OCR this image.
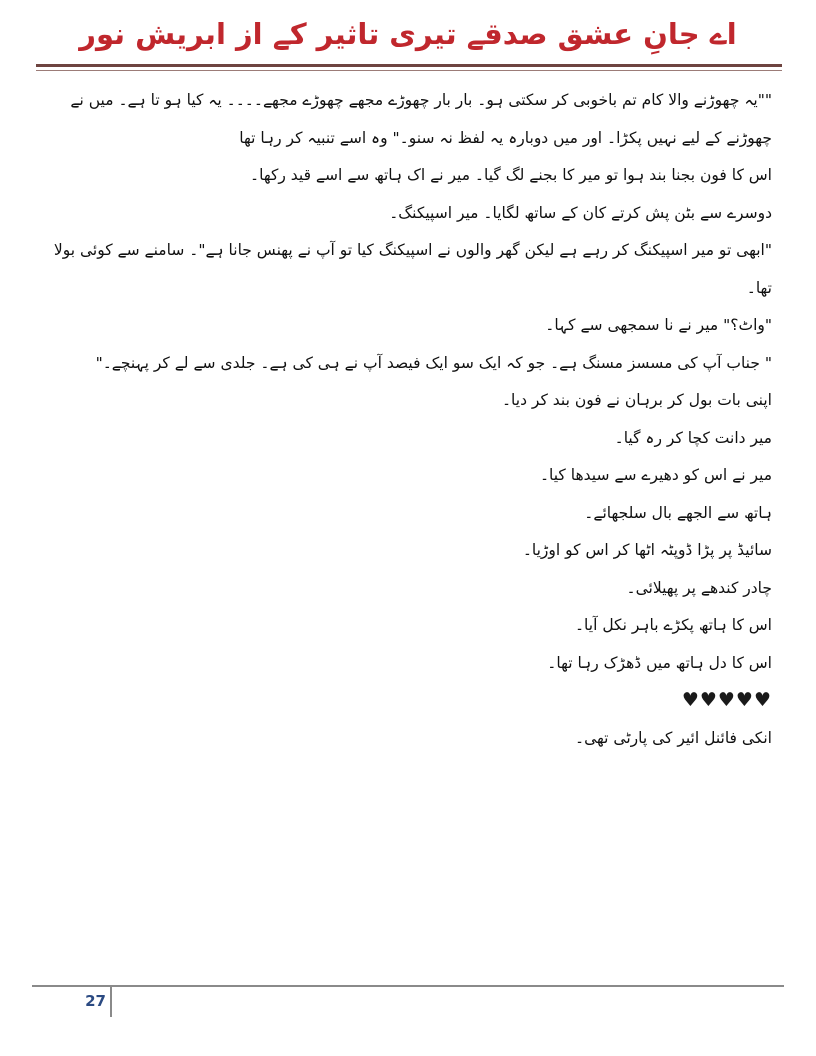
اے جانِ عشق صدقے تیری تاثیر کے از ابریش نور
""یہ چھوڑنے والا کام تم باخوبی کر سکتی ہو۔ بار بار چھوڑے مجھے چھوڑے مجھے۔۔۔۔ یہ کیا ہو تا ہے۔ میں نے
چھوڑنے کے لیے نہیں پکڑا۔ اور میں دوبارہ یہ لفظ نہ سنو۔" وہ اسے تنبیہ کر رہا تھا
اس کا فون بجنا بند ہوا تو میر کا بجنے لگ گیا۔ میر نے اک ہاتھ سے اسے قید رکھا۔
دوسرے سے بٹن پش کرتے کان کے ساتھ لگایا۔ میر اسپیکنگ۔
"ابھی تو میر اسپیکنگ کر رہے ہے لیکن گھر والوں نے اسپیکنگ کیا تو آپ نے پھنس جانا ہے"۔ سامنے سے کوئی بولا
تھا۔
"واٹ؟" میر نے نا سمجھی سے کہا۔
" جناب آپ کی مسسز مسنگ ہے۔ جو کہ ایک سو ایک فیصد آپ نے ہی کی ہے۔ جلدی سے لے کر پہنچے۔"
اپنی بات بول کر برہان نے فون بند کر دیا۔
میر دانت کچا کر رہ گیا۔
میر نے اس کو دھیرے سے سیدھا کیا۔
ہاتھ سے الجھے بال سلجھائے۔
سائیڈ پر پڑا ڈوپٹہ اٹھا کر اس کو اوڑیا۔
چادر کندھے پر پھیلائی۔
اس کا ہاتھ پکڑے باہر نکل آیا۔
اس کا دل ہاتھ میں ڈھڑک رہا تھا۔
♥♥♥♥♥
انکی فائنل ائیر کی پارٹی تھی۔
27
